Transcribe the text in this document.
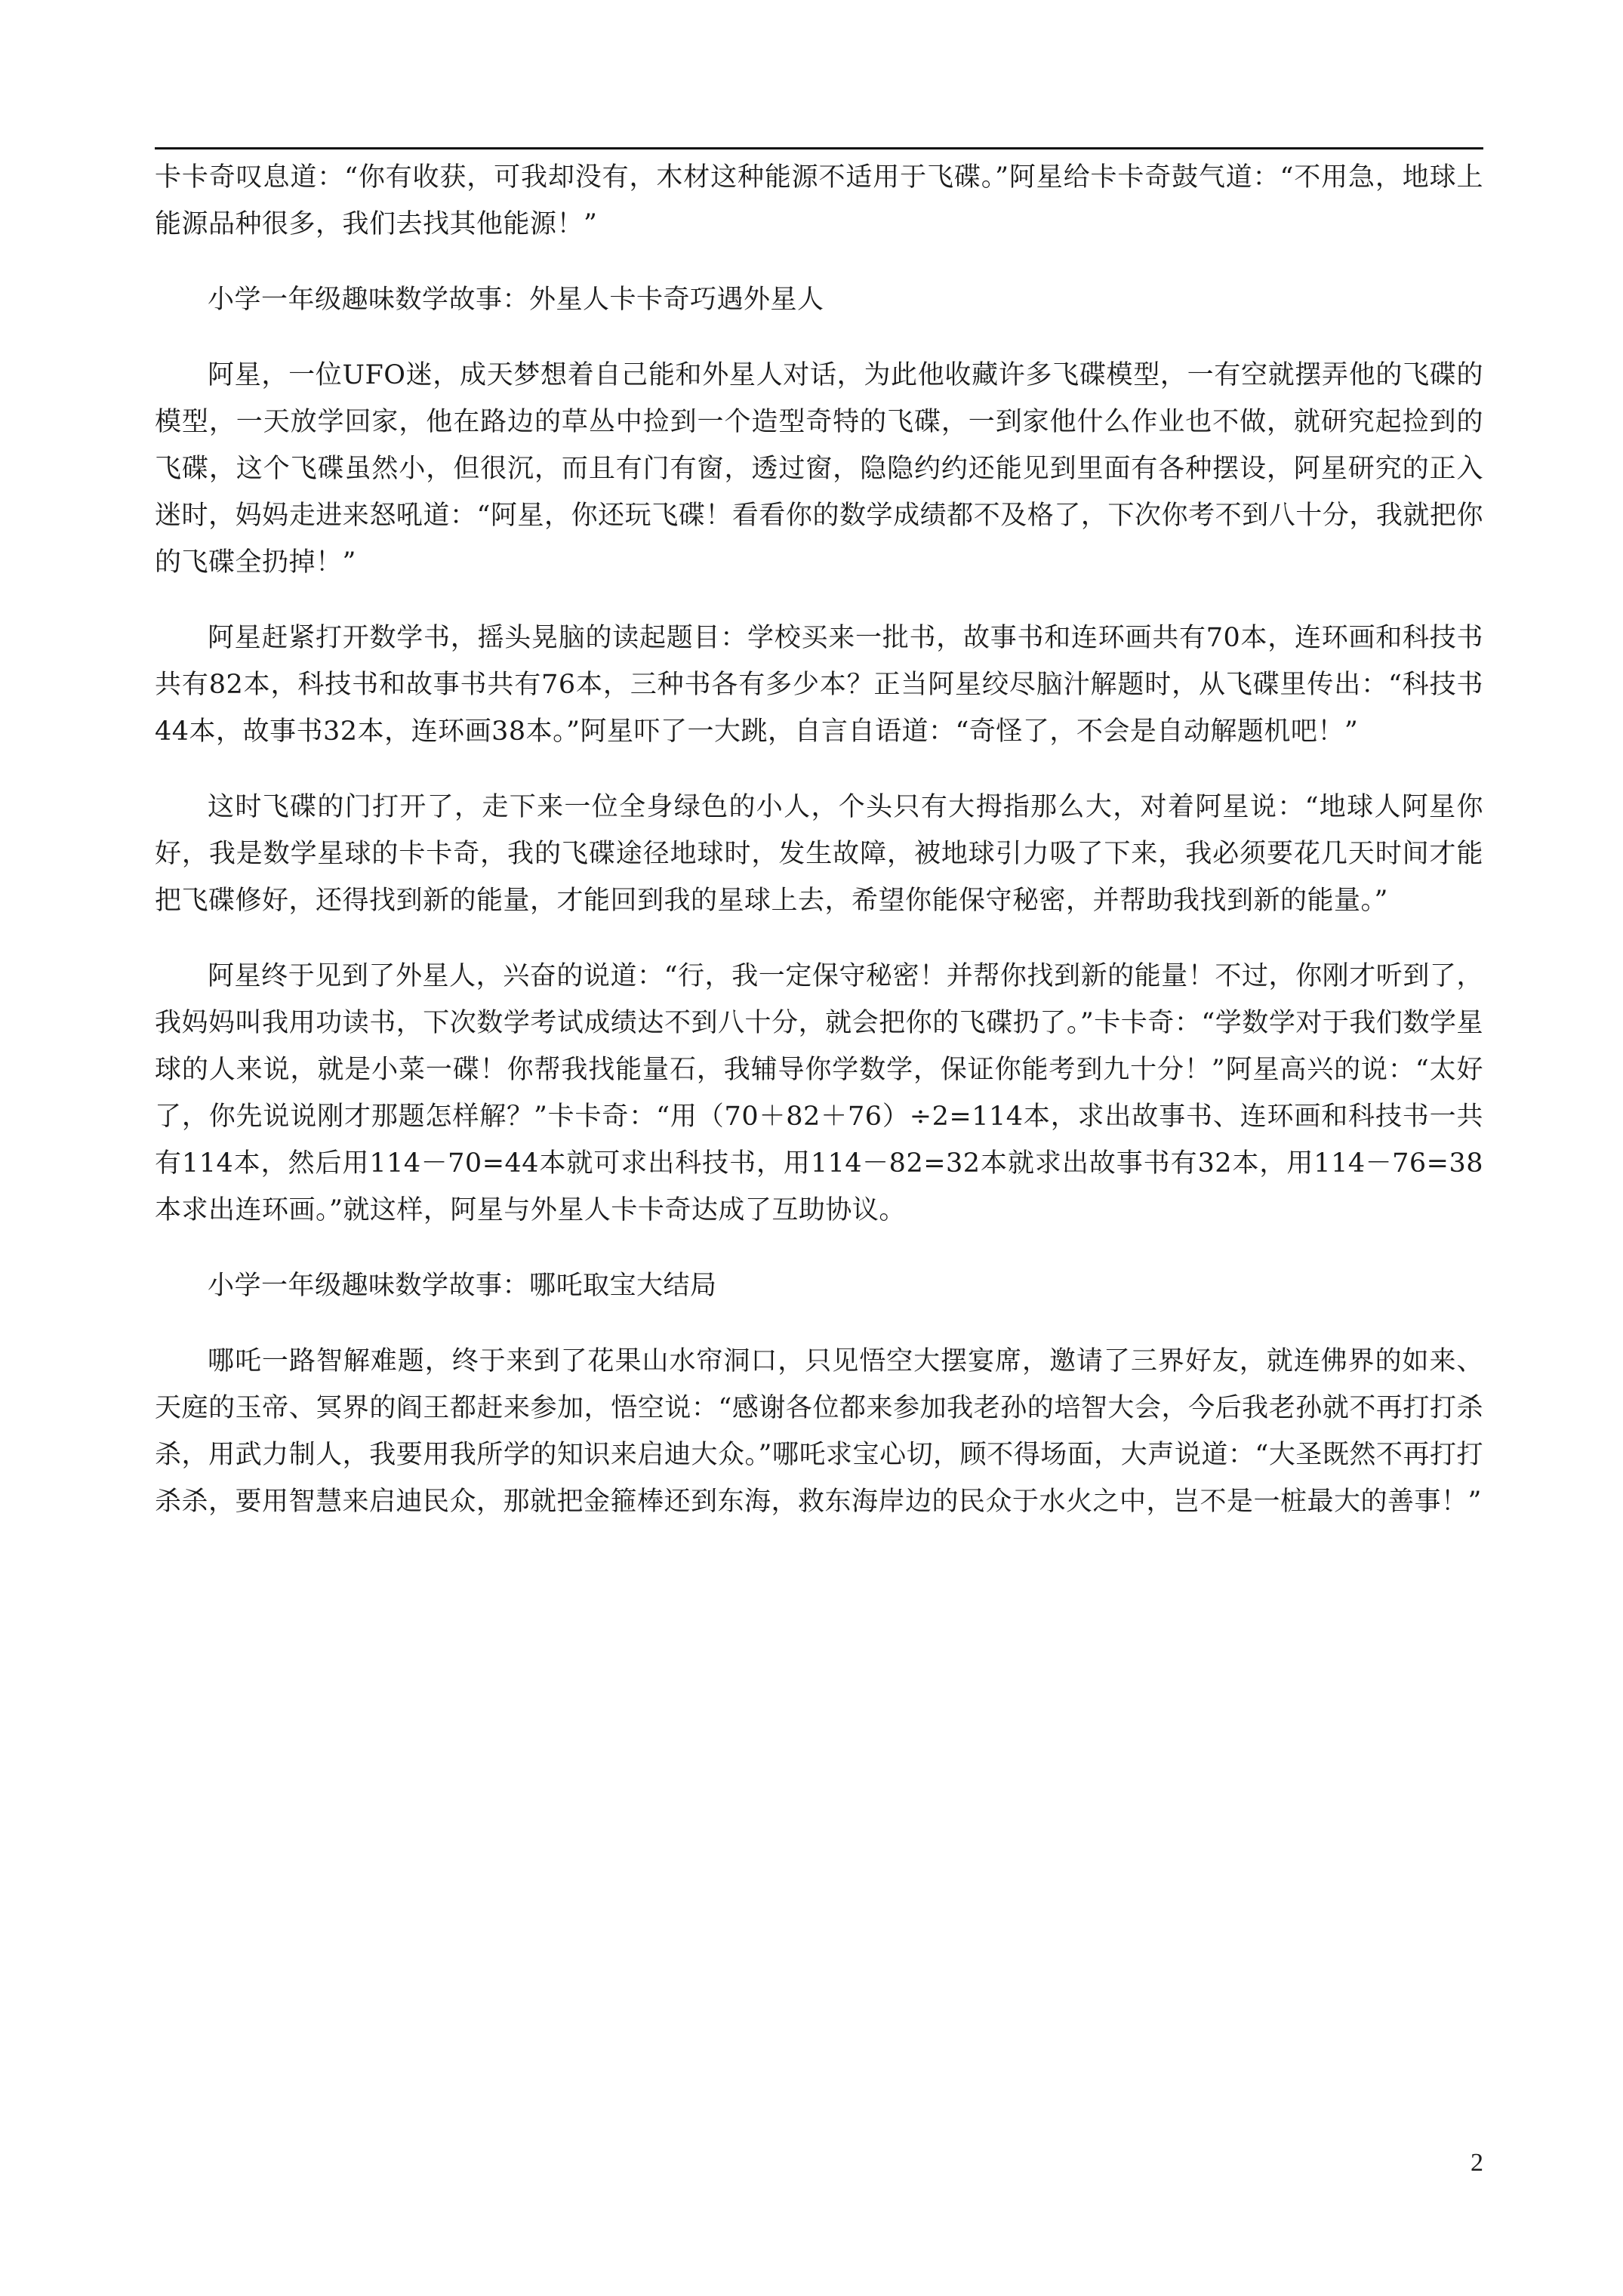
卡卡奇叹息道：“你有收获，可我却没有，木材这种能源不适用于飞碟。”阿星给卡卡奇鼓气道：“不用急，地球上能源品种很多，我们去找其他能源！”

小学一年级趣味数学故事：外星人卡卡奇巧遇外星人

阿星，一位UFO迷，成天梦想着自己能和外星人对话，为此他收藏许多飞碟模型，一有空就摆弄他的飞碟的模型，一天放学回家，他在路边的草丛中捡到一个造型奇特的飞碟，一到家他什么作业也不做，就研究起捡到的飞碟，这个飞碟虽然小，但很沉，而且有门有窗，透过窗，隐隐约约还能见到里面有各种摆设，阿星研究的正入迷时，妈妈走进来怒吼道：“阿星，你还玩飞碟！看看你的数学成绩都不及格了，下次你考不到八十分，我就把你的飞碟全扔掉！”

阿星赶紧打开数学书，摇头晃脑的读起题目：学校买来一批书，故事书和连环画共有70本，连环画和科技书共有82本，科技书和故事书共有76本，三种书各有多少本？正当阿星绞尽脑汁解题时，从飞碟里传出：“科技书44本，故事书32本，连环画38本。”阿星吓了一大跳，自言自语道：“奇怪了，不会是自动解题机吧！”

这时飞碟的门打开了，走下来一位全身绿色的小人，个头只有大拇指那么大，对着阿星说：“地球人阿星你好，我是数学星球的卡卡奇，我的飞碟途径地球时，发生故障，被地球引力吸了下来，我必须要花几天时间才能把飞碟修好，还得找到新的能量，才能回到我的星球上去，希望你能保守秘密，并帮助我找到新的能量。”

阿星终于见到了外星人，兴奋的说道：“行，我一定保守秘密！并帮你找到新的能量！不过，你刚才听到了，我妈妈叫我用功读书，下次数学考试成绩达不到八十分，就会把你的飞碟扔了。”卡卡奇：“学数学对于我们数学星球的人来说，就是小菜一碟！你帮我找能量石，我辅导你学数学，保证你能考到九十分！”阿星高兴的说：“太好了，你先说说刚才那题怎样解？”卡卡奇：“用（70＋82＋76）÷2=114本，求出故事书、连环画和科技书一共有114本，然后用114－70=44本就可求出科技书，用114－82=32本就求出故事书有32本，用114－76=38本求出连环画。”就这样，阿星与外星人卡卡奇达成了互助协议。

小学一年级趣味数学故事：哪吒取宝大结局

哪吒一路智解难题，终于来到了花果山水帘洞口，只见悟空大摆宴席，邀请了三界好友，就连佛界的如来、天庭的玉帝、冥界的阎王都赶来参加，悟空说：“感谢各位都来参加我老孙的培智大会，今后我老孙就不再打打杀杀，用武力制人，我要用我所学的知识来启迪大众。”哪吒求宝心切，顾不得场面，大声说道：“大圣既然不再打打杀杀，要用智慧来启迪民众，那就把金箍棒还到东海，救东海岸边的民众于水火之中，岂不是一桩最大的善事！”

2
